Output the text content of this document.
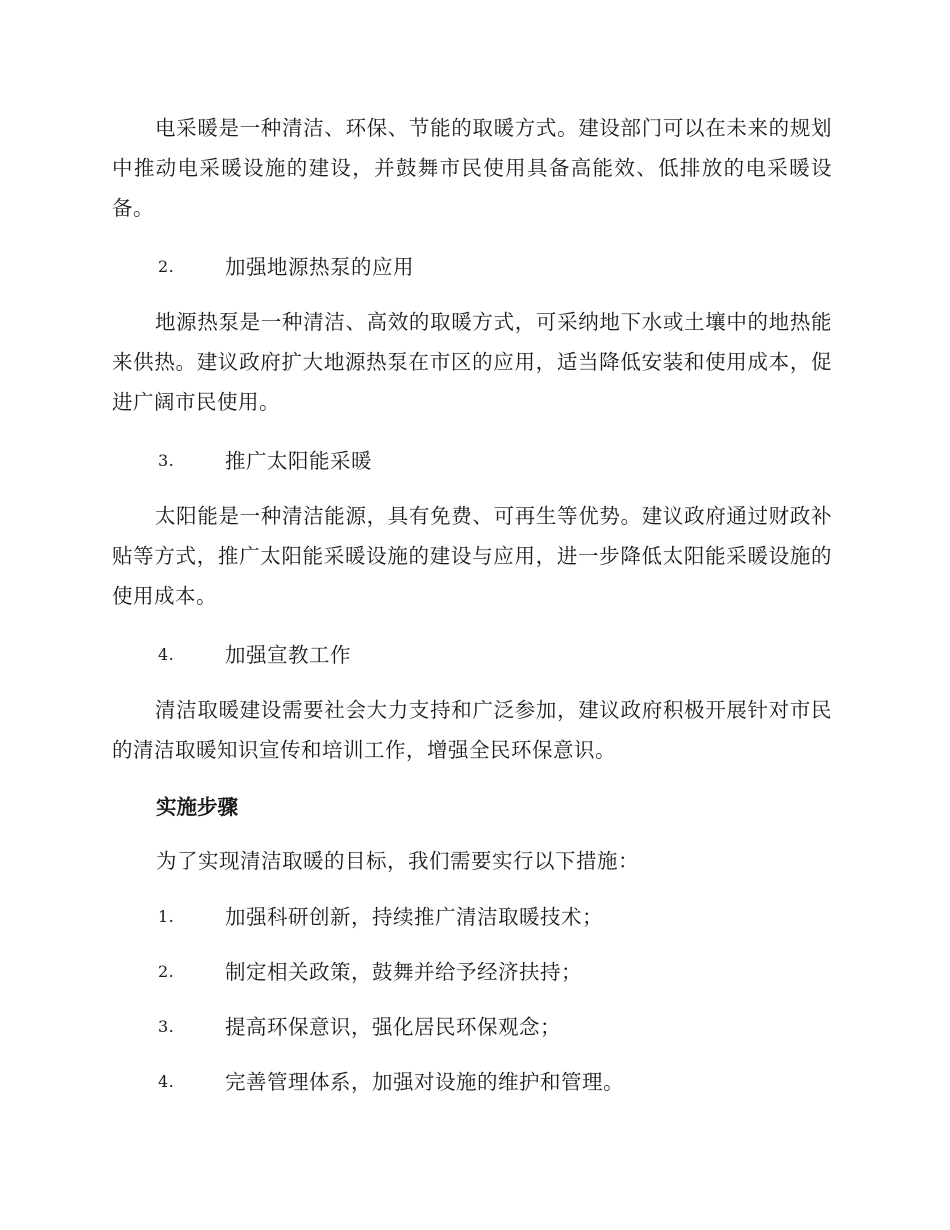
电采暖是一种清洁、环保、节能的取暖方式。建设部门可以在未来的规划中推动电采暖设施的建设，并鼓舞市民使用具备高能效、低排放的电采暖设备。

2.	加强地源热泵的应用

地源热泵是一种清洁、高效的取暖方式，可采纳地下水或土壤中的地热能来供热。建议政府扩大地源热泵在市区的应用，适当降低安装和使用成本，促进广阔市民使用。

3.	推广太阳能采暖

太阳能是一种清洁能源，具有免费、可再生等优势。建议政府通过财政补贴等方式，推广太阳能采暖设施的建设与应用，进一步降低太阳能采暖设施的使用成本。

4.	加强宣教工作

清洁取暖建设需要社会大力支持和广泛参加，建议政府积极开展针对市民的清洁取暖知识宣传和培训工作，增强全民环保意识。

实施步骤

为了实现清洁取暖的目标，我们需要实行以下措施：

1.	加强科研创新，持续推广清洁取暖技术；
2.	制定相关政策，鼓舞并给予经济扶持；
3.	提高环保意识，强化居民环保观念；
4.	完善管理体系，加强对设施的维护和管理。
